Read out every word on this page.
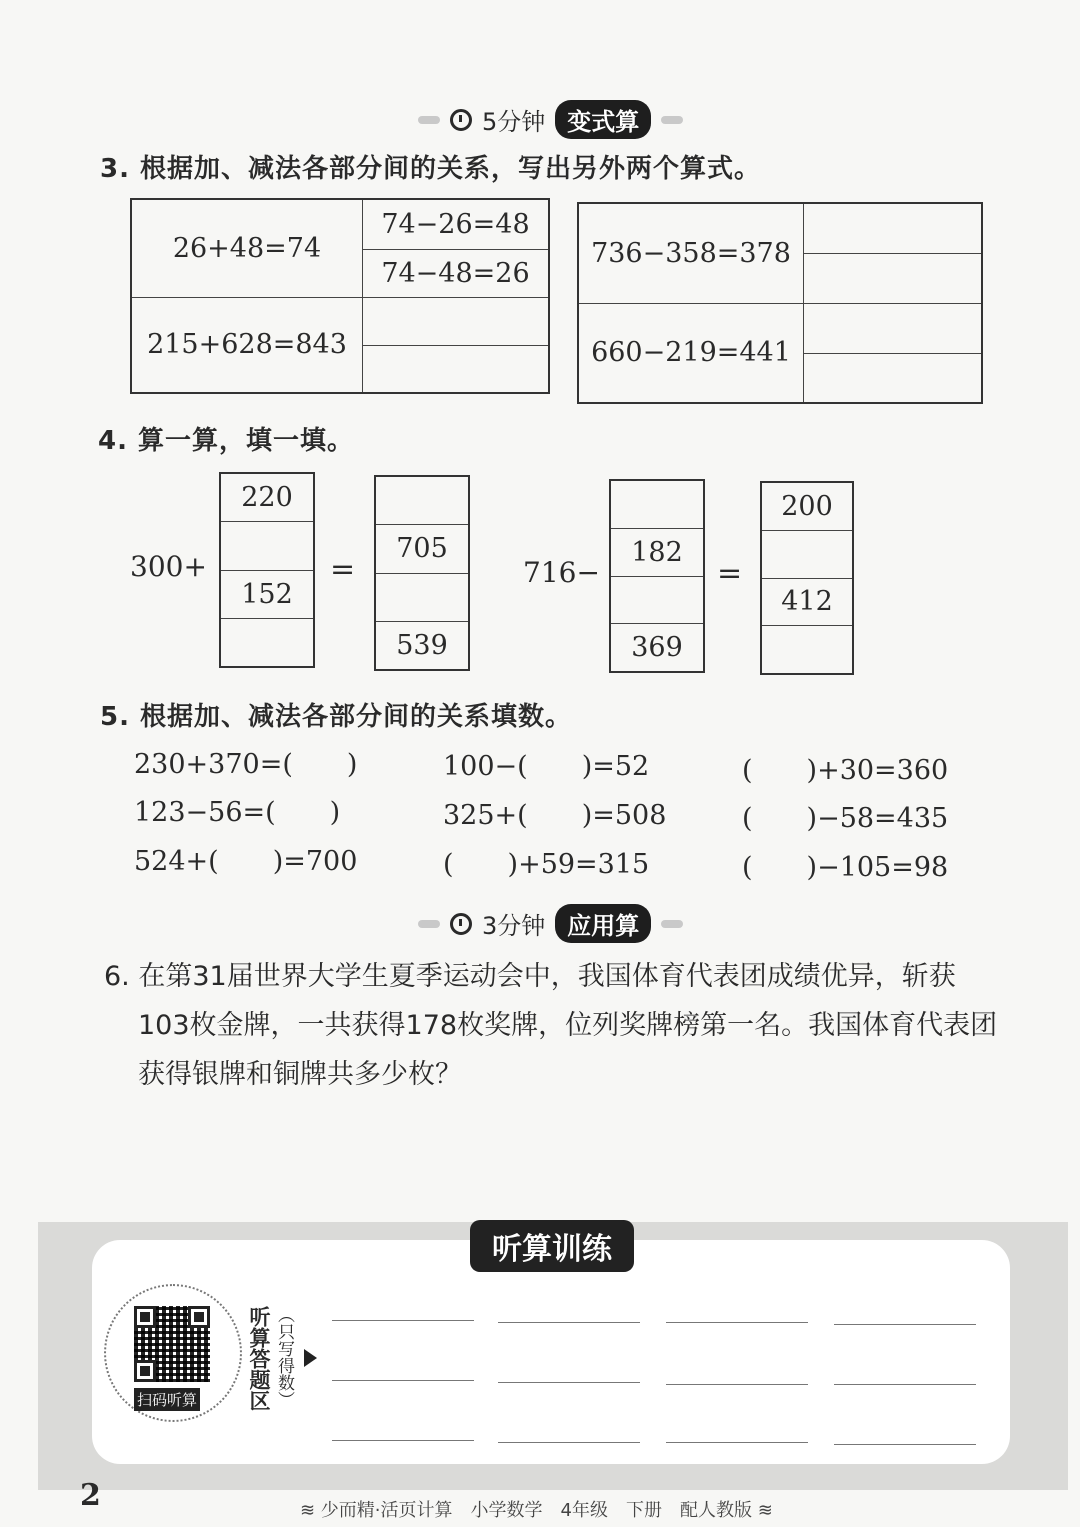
5分钟 变式算
3. 根据加、减法各部分间的关系，写出另外两个算式。
26+48=74	74−26=48
	74−48=26
215+628=843	

736−358=378	

660−219=441	

4. 算一算，填一填。
300+
220
152
=
705
539
716−
182
369
=
200
412
5. 根据加、减法各部分间的关系填数。
230+370=(　　)	100−(　　)=52	(　　)+30=360
123−56=(　　)	325+(　　)=508	(　　)−58=435
524+(　　)=700	(　　)+59=315	(　　)−105=98
3分钟 应用算
6. 在第31届世界大学生夏季运动会中，我国体育代表团成绩优异，斩获
103枚金牌，一共获得178枚奖牌，位列奖牌榜第一名。我国体育代表团
获得银牌和铜牌共多少枚？
听算训练
扫码听算 听算答题区 （只写得数）
2	≋ 少而精·活页计算　小学数学　4年级　下册　配人教版 ≋
